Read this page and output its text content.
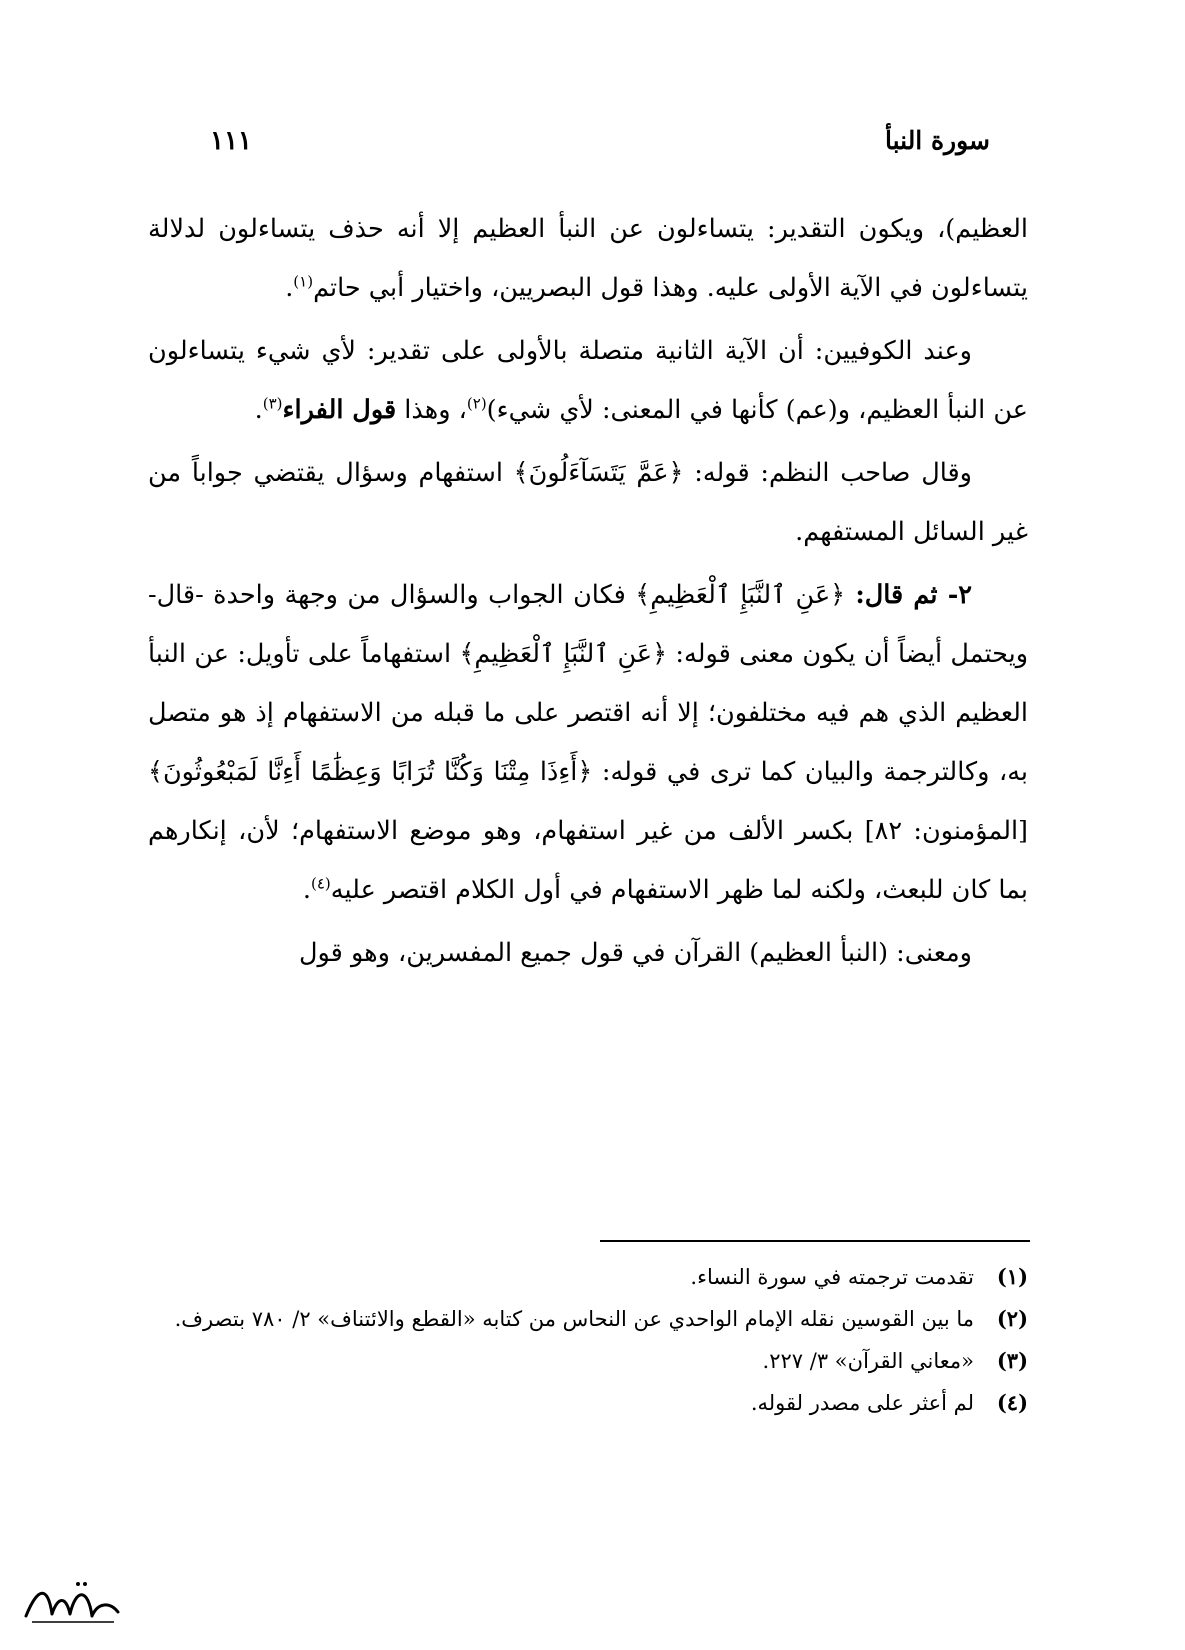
سورة النبأ
١١١

العظيم)، ويكون التقدير: يتساءلون عن النبأ العظيم إلا أنه حذف يتساءلون لدلالة يتساءلون في الآية الأولى عليه. وهذا قول البصريين، واختيار أبي حاتم$^{(١)}$.

وعند الكوفيين: أن الآية الثانية متصلة بالأولى على تقدير: لأي شيء يتساءلون عن النبأ العظيم، و(عم) كأنها في المعنى: لأي شيء)$^{(٢)}$، وهذا قول الفراء$^{(٣)}$.

وقال صاحب النظم: قوله: ﴿عَمَّ يَتَسَآءَلُونَ﴾ استفهام وسؤال يقتضي جواباً من غير السائل المستفهم.

٢- ثم قال: ﴿عَنِ ٱلنَّبَإِ ٱلْعَظِيمِ﴾ فكان الجواب والسؤال من وجهة واحدة -قال- ويحتمل أيضاً أن يكون معنى قوله: ﴿عَنِ ٱلنَّبَإِ ٱلْعَظِيمِ﴾ استفهاماً على تأويل: عن النبأ العظيم الذي هم فيه مختلفون؛ إلا أنه اقتصر على ما قبله من الاستفهام إذ هو متصل به، وكالترجمة والبيان كما ترى في قوله: ﴿أَءِذَا مِتْنَا وَكُنَّا تُرَابًا وَعِظَٰمًا أَءِنَّا لَمَبْعُوثُونَ﴾ [المؤمنون: ٨٢] بكسر الألف من غير استفهام، وهو موضع الاستفهام؛ لأن، إنكارهم بما كان للبعث، ولكنه لما ظهر الاستفهام في أول الكلام اقتصر عليه$^{(٤)}$.

ومعنى: (النبأ العظيم) القرآن في قول جميع المفسرين، وهو قول

(١)
تقدمت ترجمته في سورة النساء.
(٢)
ما بين القوسين نقله الإمام الواحدي عن النحاس من كتابه «القطع والائتناف» ٢/ ٧٨٠ بتصرف.
(٣)
«معاني القرآن» ٣/ ٢٢٧.
(٤)
لم أعثر على مصدر لقوله.
